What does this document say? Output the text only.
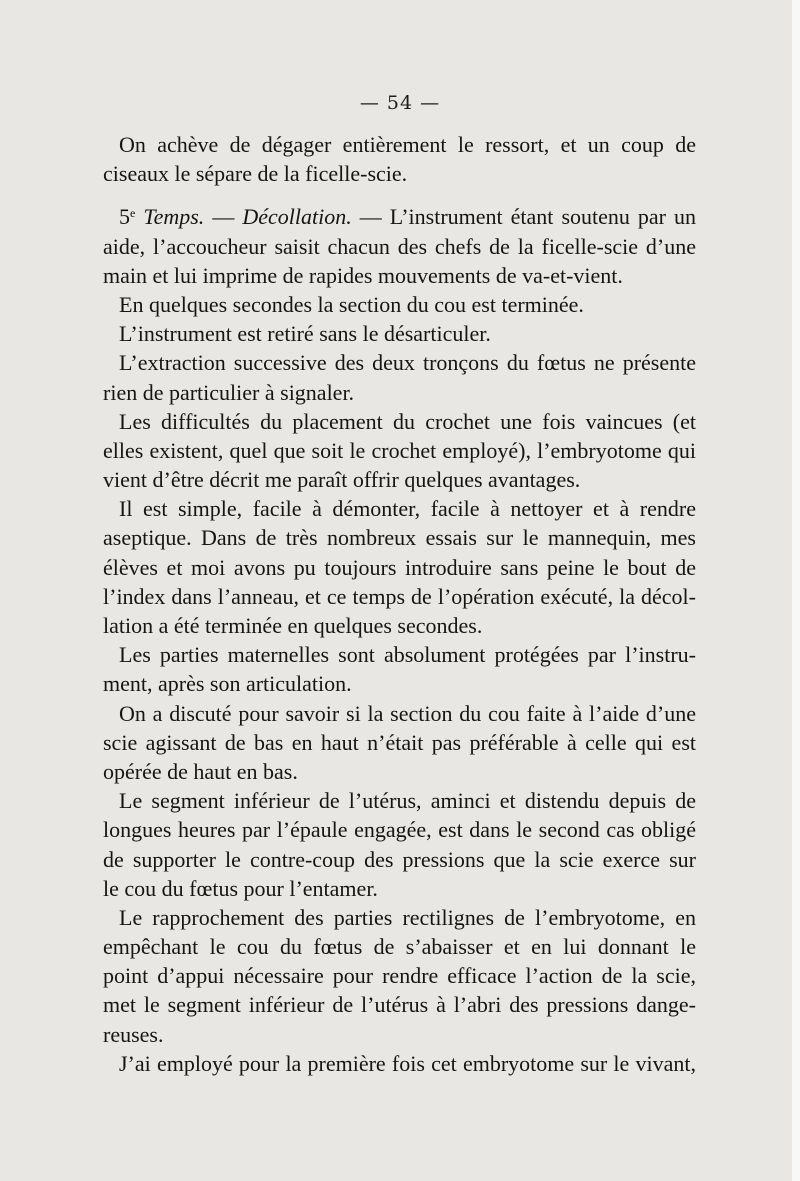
— 54 —
On achève de dégager entièrement le ressort, et un coup de
ciseaux le sépare de la ficelle-scie.
5e Temps. — Décollation. — L’instrument étant soutenu par un
aide, l’accoucheur saisit chacun des chefs de la ficelle-scie d’une
main et lui imprime de rapides mouvements de va-et-vient.
En quelques secondes la section du cou est terminée.
L’instrument est retiré sans le désarticuler.
L’extraction successive des deux tronçons du fœtus ne présente
rien de particulier à signaler.
Les difficultés du placement du crochet une fois vaincues (et
elles existent, quel que soit le crochet employé), l’embryotome qui
vient d’être décrit me paraît offrir quelques avantages.
Il est simple, facile à démonter, facile à nettoyer et à rendre
aseptique. Dans de très nombreux essais sur le mannequin, mes
élèves et moi avons pu toujours introduire sans peine le bout de
l’index dans l’anneau, et ce temps de l’opération exécuté, la décol-
lation a été terminée en quelques secondes.
Les parties maternelles sont absolument protégées par l’instru-
ment, après son articulation.
On a discuté pour savoir si la section du cou faite à l’aide d’une
scie agissant de bas en haut n’était pas préférable à celle qui est
opérée de haut en bas.
Le segment inférieur de l’utérus, aminci et distendu depuis de
longues heures par l’épaule engagée, est dans le second cas obligé
de supporter le contre-coup des pressions que la scie exerce sur
le cou du fœtus pour l’entamer.
Le rapprochement des parties rectilignes de l’embryotome, en
empêchant le cou du fœtus de s’abaisser et en lui donnant le
point d’appui nécessaire pour rendre efficace l’action de la scie,
met le segment inférieur de l’utérus à l’abri des pressions dange-
reuses.
J’ai employé pour la première fois cet embryotome sur le vivant,
